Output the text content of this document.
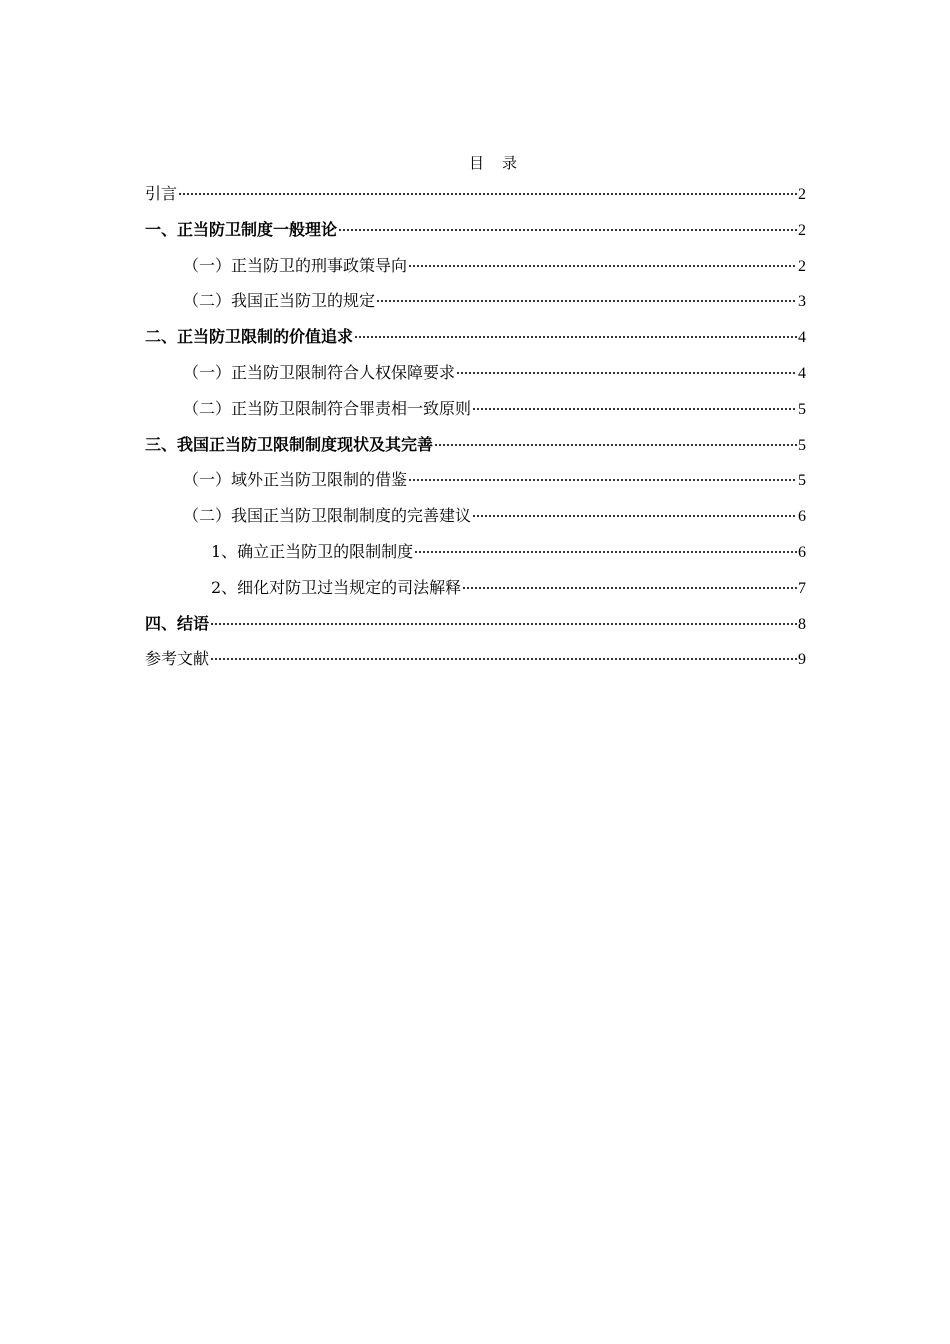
目 录
引言	2
一、正当防卫制度一般理论	2
（一）正当防卫的刑事政策导向	2
（二）我国正当防卫的规定	3
二、正当防卫限制的价值追求	4
（一）正当防卫限制符合人权保障要求	4
（二）正当防卫限制符合罪责相一致原则	5
三、我国正当防卫限制制度现状及其完善	5
（一）域外正当防卫限制的借鉴	5
（二）我国正当防卫限制制度的完善建议	6
1、确立正当防卫的限制制度	6
2、细化对防卫过当规定的司法解释	7
四、结语	8
参考文献	9
